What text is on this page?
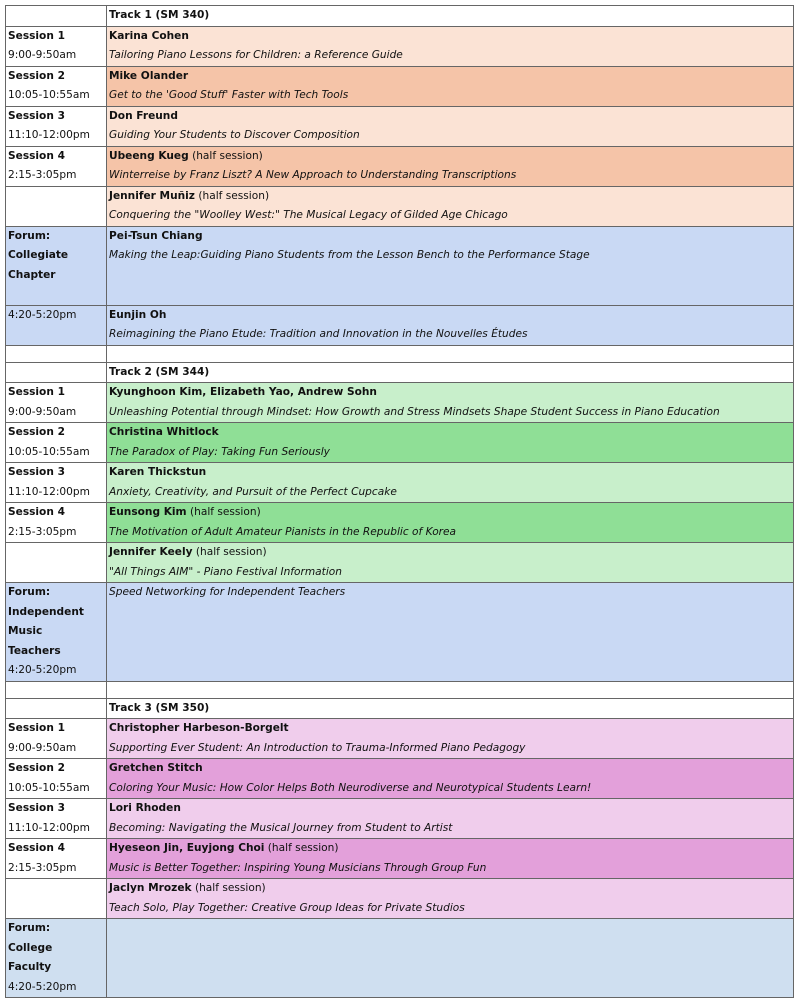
	Track 1 (SM 340)

Session 1
9:00-9:50am	Karina Cohen
Tailoring Piano Lessons for Children: a Reference Guide

Session 2
10:05-10:55am	Mike Olander
Get to the 'Good Stuff' Faster with Tech Tools

Session 3
11:10-12:00pm	Don Freund
Guiding Your Students to Discover Composition

Session 4
2:15-3:05pm	Ubeeng Kueg (half session)
Winterreise by Franz Liszt? A New Approach to Understanding Transcriptions

	Jennifer Muñiz (half session)
Conquering the "Woolley West:" The Musical Legacy of Gilded Age Chicago

Forum:
Collegiate
Chapter	Pei-Tsun Chiang
Making the Leap:Guiding Piano Students from the Lesson Bench to the Performance Stage

4:20-5:20pm	Eunjin Oh
Reimagining the Piano Etude: Tradition and Innovation in the Nouvelles Études

	Track 2 (SM 344)

Session 1
9:00-9:50am	Kyunghoon Kim, Elizabeth Yao, Andrew Sohn
Unleashing Potential through Mindset: How Growth and Stress Mindsets Shape Student Success in Piano Education

Session 2
10:05-10:55am	Christina Whitlock
The Paradox of Play: Taking Fun Seriously

Session 3
11:10-12:00pm	Karen Thickstun
Anxiety, Creativity, and Pursuit of the Perfect Cupcake

Session 4
2:15-3:05pm	Eunsong Kim (half session)
The Motivation of Adult Amateur Pianists in the Republic of Korea

	Jennifer Keely (half session)
"All Things AIM" - Piano Festival Information

Forum:
Independent
Music
Teachers
4:20-5:20pm	Speed Networking for Independent Teachers

	Track 3 (SM 350)

Session 1
9:00-9:50am	Christopher Harbeson-Borgelt
Supporting Ever Student: An Introduction to Trauma-Informed Piano Pedagogy

Session 2
10:05-10:55am	Gretchen Stitch
Coloring Your Music: How Color Helps Both Neurodiverse and Neurotypical Students Learn!

Session 3
11:10-12:00pm	Lori Rhoden
Becoming: Navigating the Musical Journey from Student to Artist

Session 4
2:15-3:05pm	Hyeseon Jin, Euyjong Choi (half session)
Music is Better Together: Inspiring Young Musicians Through Group Fun

	Jaclyn Mrozek (half session)
Teach Solo, Play Together: Creative Group Ideas for Private Studios

Forum:
College
Faculty
4:20-5:20pm	
